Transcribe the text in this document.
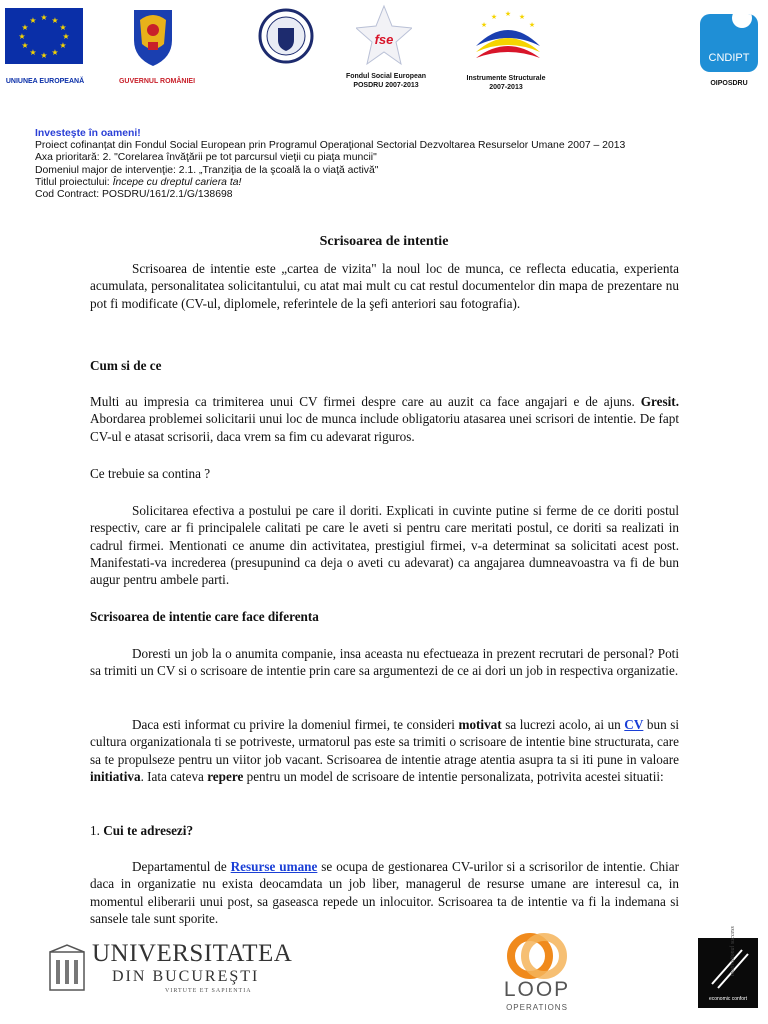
★ ★
★
★
★
★
★
★
★
★
★
★
UNIUNEA EUROPEANĂ	GUVERNUL ROMÂNIEI
fse
Fondul Social European
POSDRU 2007-2013
★ ★
★
★
★
Instrumente Structurale
2007-2013
CNDIPT
OIPOSDRU
Investeşte în oameni!
Proiect cofinanțat din Fondul Social European prin Programul Operaţional Sectorial Dezvoltarea Resurselor Umane 2007 – 2013
Axa prioritară: 2. "Corelarea învăţării pe tot parcursul vieţii cu piaţa muncii"
Domeniul major de intervenţie: 2.1. „Tranziţia de la şcoală la o viaţă activă"
Titlul proiectului: Începe cu dreptul cariera ta!
Cod Contract: POSDRU/161/2.1/G/138698
Scrisoarea de intentie
Scrisoarea de intentie este „cartea de vizita" la noul loc de munca, ce reflecta educatia, experienta acumulata, personalitatea solicitantului, cu atat mai mult cu cat restul documentelor din mapa de prezentare nu pot fi modificate (CV-ul, diplomele, referintele de la şefi anteriori sau fotografia).
Cum si de ce
Multi au impresia ca trimiterea unui CV firmei despre care au auzit ca face angajari e de ajuns. Gresit. Abordarea problemei solicitarii unui loc de munca include obligatoriu atasarea unei scrisori de intentie. De fapt CV-ul e atasat scrisorii, daca vrem sa fim cu adevarat riguros.
Ce trebuie sa contina ?
Solicitarea efectiva a postului pe care il doriti. Explicati in cuvinte putine si ferme de ce doriti postul respectiv, care ar fi principalele calitati pe care le aveti si pentru care meritati postul, ce doriti sa realizati in cadrul firmei. Mentionati ce anume din activitatea, prestigiul firmei, v-a determinat sa solicitati acest post. Manifestati-va increderea (presupunind ca deja o aveti cu adevarat) ca angajarea dumneavoastra va fi de bun augur pentru ambele parti.
Scrisoarea de intentie care face diferenta
Doresti un job la o anumita companie, insa aceasta nu efectueaza in prezent recrutari de personal? Poti sa trimiti un CV si o scrisoare de intentie prin care sa argumentezi de ce ai dori un job in respectiva organizatie.
Daca esti informat cu privire la domeniul firmei, te consideri motivat sa lucrezi acolo, ai un CV bun si cultura organizationala ti se potriveste, urmatorul pas este sa trimiti o scrisoare de intentie bine structurata, care sa te propulseze pentru un viitor job vacant. Scrisoarea de intentie atrage atentia asupra ta si iti pune in valoare initiativa. Iata cateva repere pentru un model de scrisoare de intentie personalizata, potrivita acestei situatii:
1. Cui te adresezi?
Departamentul de Resurse umane se ocupa de gestionarea CV-urilor si a scrisorilor de intentie. Chiar daca in organizatie nu exista deocamdata un job liber, managerul de resurse umane are interesul ca, in momentul eliberarii unui post, sa gaseasca repede un inlocuitor. Scrisoarea ta de intentie va fi la indemana si sansele tale sunt sporite.
UNIVERSITATEA
DIN BUCUREŞTI
VIRTUTE ET SAPIENTIA	LOOP
OPERATIONS
economic confort
motivational success
